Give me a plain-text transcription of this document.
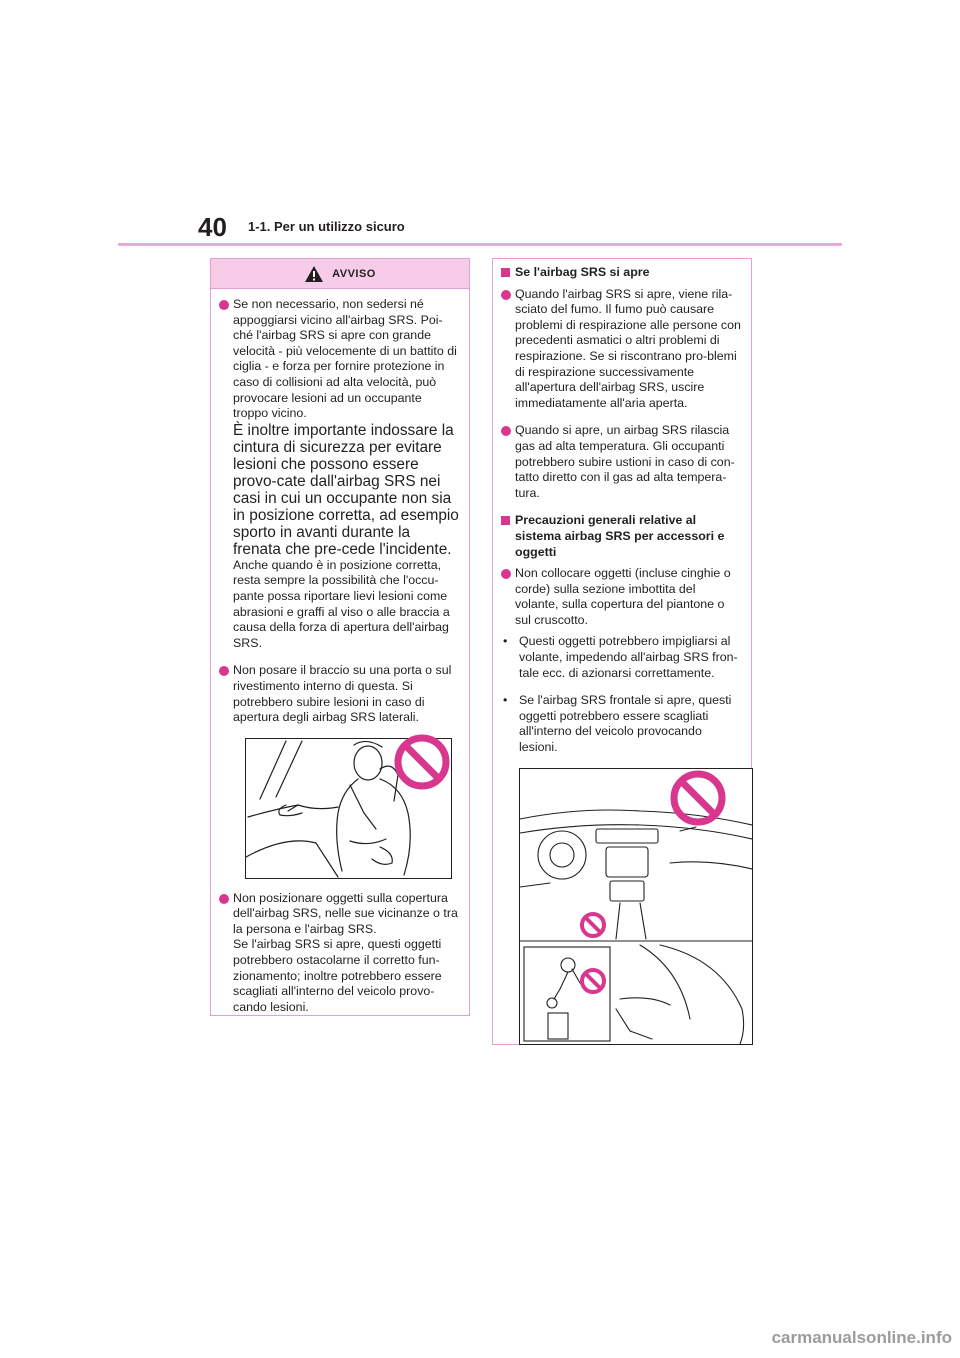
40 1-1. Per un utilizzo sicuro
AVVISO

Se non necessario, non sedersi né appoggiarsi vicino all'airbag SRS. Poi-ché l'airbag SRS si apre con grande velocità - più velocemente di un battito di ciglia - e forza per fornire protezione in caso di collisioni ad alta velocità, può provocare lesioni ad un occupante troppo vicino.

È inoltre importante indossare la cintura di sicurezza per evitare lesioni che possono essere provo-cate dall'airbag SRS nei casi in cui un occupante non sia in posizione corretta, ad esempio sporto in avanti durante la frenata che pre-cede l'incidente.

Anche quando è in posizione corretta, resta sempre la possibilità che l'occu-pante possa riportare lievi lesioni come abrasioni e graffi al viso o alle braccia a causa della forza di apertura dell'airbag SRS.

Non posare il braccio su una porta o sul rivestimento interno di questa. Si potrebbero subire lesioni in caso di apertura degli airbag SRS laterali.

Non posizionare oggetti sulla copertura dell'airbag SRS, nelle sue vicinanze o tra la persona e l'airbag SRS.

Se l'airbag SRS si apre, questi oggetti potrebbero ostacolarne il corretto fun-zionamento; inoltre potrebbero essere scagliati all'interno del veicolo provo-cando lesioni.

Se l'airbag SRS si apre

Quando l'airbag SRS si apre, viene rila-sciato del fumo. Il fumo può causare problemi di respirazione alle persone con precedenti asmatici o altri problemi di respirazione. Se si riscontrano pro-blemi di respirazione successivamente all'apertura dell'airbag SRS, uscire immediatamente all'aria aperta.

Quando si apre, un airbag SRS rilascia gas ad alta temperatura. Gli occupanti potrebbero subire ustioni in caso di con-tatto diretto con il gas ad alta tempera-tura.

Precauzioni generali relative al sistema airbag SRS per accessori e oggetti

Non collocare oggetti (incluse cinghie o corde) sulla sezione imbottita del volante, sulla copertura del piantone o sul cruscotto.

• Questi oggetti potrebbero impigliarsi al volante, impedendo all'airbag SRS fron-tale ecc. di azionarsi correttamente.

• Se l'airbag SRS frontale si apre, questi oggetti potrebbero essere scagliati all'interno del veicolo provocando lesioni.

carmanualsonline.info
